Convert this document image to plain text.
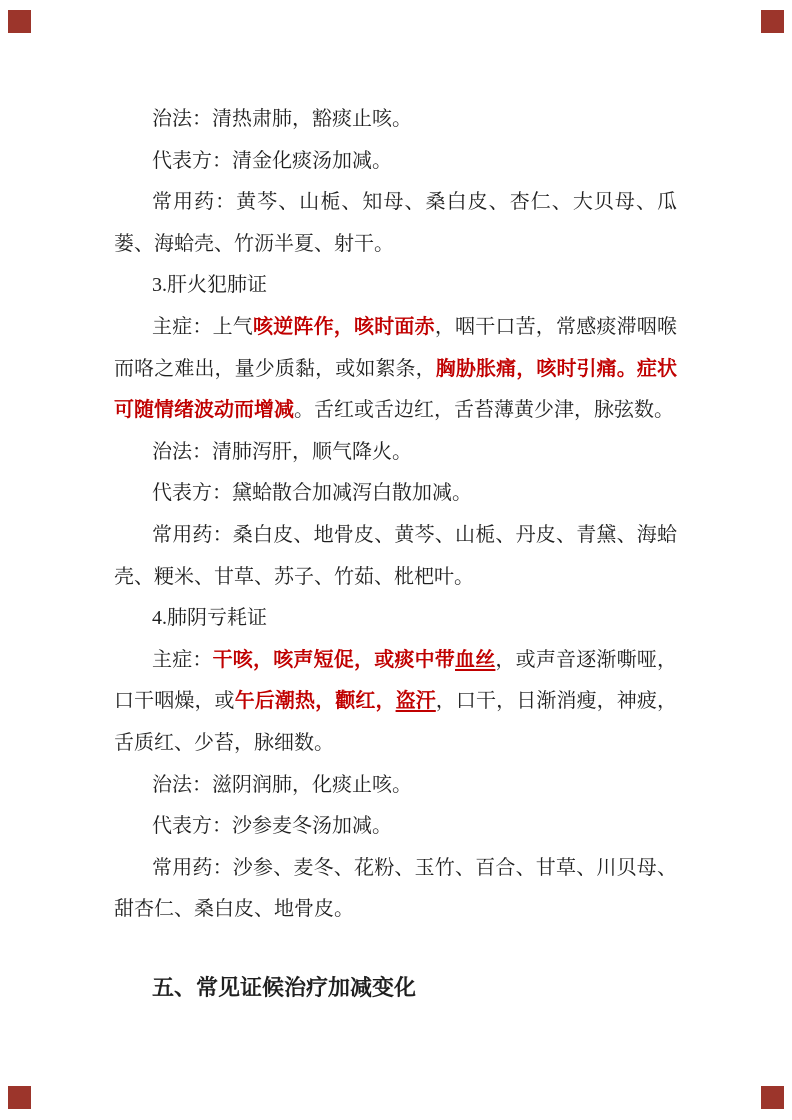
治法：清热肃肺，豁痰止咳。

代表方：清金化痰汤加减。

常用药：黄芩、山栀、知母、桑白皮、杏仁、大贝母、瓜蒌、海蛤壳、竹沥半夏、射干。

3.肝火犯肺证

主症：上气咳逆阵作，咳时面赤，咽干口苦，常感痰滞咽喉而咯之难出，量少质黏，或如絮条，胸胁胀痛，咳时引痛。症状可随情绪波动而增减。舌红或舌边红，舌苔薄黄少津，脉弦数。

治法：清肺泻肝，顺气降火。

代表方：黛蛤散合加减泻白散加减。

常用药：桑白皮、地骨皮、黄芩、山栀、丹皮、青黛、海蛤壳、粳米、甘草、苏子、竹茹、枇杷叶。

4.肺阴亏耗证

主症：干咳，咳声短促，或痰中带血丝，或声音逐渐嘶哑，口干咽燥，或午后潮热，颧红，盗汗，口干，日渐消瘦，神疲，舌质红、少苔，脉细数。

治法：滋阴润肺，化痰止咳。

代表方：沙参麦冬汤加减。

常用药：沙参、麦冬、花粉、玉竹、百合、甘草、川贝母、甜杏仁、桑白皮、地骨皮。

五、常见证候治疗加减变化
